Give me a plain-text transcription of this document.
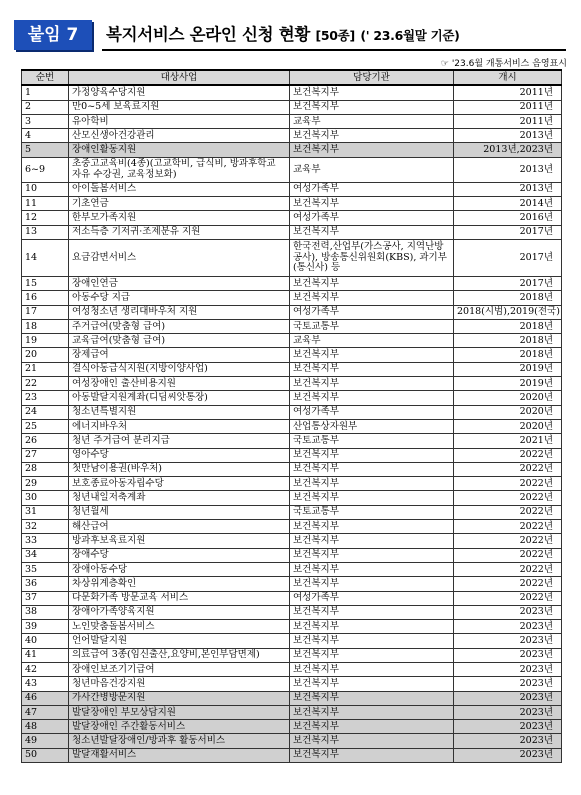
붙임 7	복지서비스 온라인 신청 현황 [50종] (' 23.6월말 기준)
☞ '23.6월 개통서비스 음영표시
순번	대상사업	담당기관	개시
1	가정양육수당지원	보건복지부	2011년
2	만0~5세 보육료지원	보건복지부	2011년
3	유아학비	교육부	2011년
4	산모신생아건강관리	보건복지부	2013년
5	장애인활동지원	보건복지부	2013년,2023년
6~9	초중고교육비(4종)(고교학비, 급식비, 방과후학교 자유 수강권, 교육정보화)	교육부	2013년
10	아이돌봄서비스	여성가족부	2013년
11	기초연금	보건복지부	2014년
12	한부모가족지원	여성가족부	2016년
13	저소득층 기저귀·조제분유 지원	보건복지부	2017년
14	요금감면서비스	한국전력,산업부(가스공사, 지역난방공사), 방송통신위원회(KBS), 과기부(통신사) 등	2017년
15	장애인연금	보건복지부	2017년
16	아동수당 지급	보건복지부	2018년
17	여성청소년 생리대바우처 지원	여성가족부	2018(시범),2019(전국)
18	주거급여(맞춤형 급여)	국토교통부	2018년
19	교육급여(맞춤형 급여)	교육부	2018년
20	장제급여	보건복지부	2018년
21	결식아동급식지원(지방이양사업)	보건복지부	2019년
22	여성장애인 출산비용지원	보건복지부	2019년
23	아동발달지원계좌(디딤씨앗통장)	보건복지부	2020년
24	청소년특별지원	여성가족부	2020년
25	에너지바우처	산업통상자원부	2020년
26	청년 주거급여 분리지급	국토교통부	2021년
27	영아수당	보건복지부	2022년
28	첫만남이용권(바우처)	보건복지부	2022년
29	보호종료아동자립수당	보건복지부	2022년
30	청년내일저축계좌	보건복지부	2022년
31	청년월세	국토교통부	2022년
32	해산급여	보건복지부	2022년
33	방과후보육료지원	보건복지부	2022년
34	장애수당	보건복지부	2022년
35	장애아동수당	보건복지부	2022년
36	차상위계층확인	보건복지부	2022년
37	다문화가족 방문교육 서비스	여성가족부	2022년
38	장애아가족양육지원	보건복지부	2023년
39	노인맞춤돌봄서비스	보건복지부	2023년
40	언어발달지원	보건복지부	2023년
41	의료급여 3종(임신출산,요양비,본인부담면제)	보건복지부	2023년
42	장애인보조기기급여	보건복지부	2023년
43	청년마음건강지원	보건복지부	2023년
46	가사간병방문지원	보건복지부	2023년
47	발달장애인 부모상담지원	보건복지부	2023년
48	발달장애인 주간활동서비스	보건복지부	2023년
49	청소년발달장애인/방과후 활동서비스	보건복지부	2023년
50	발달재활서비스	보건복지부	2023년
